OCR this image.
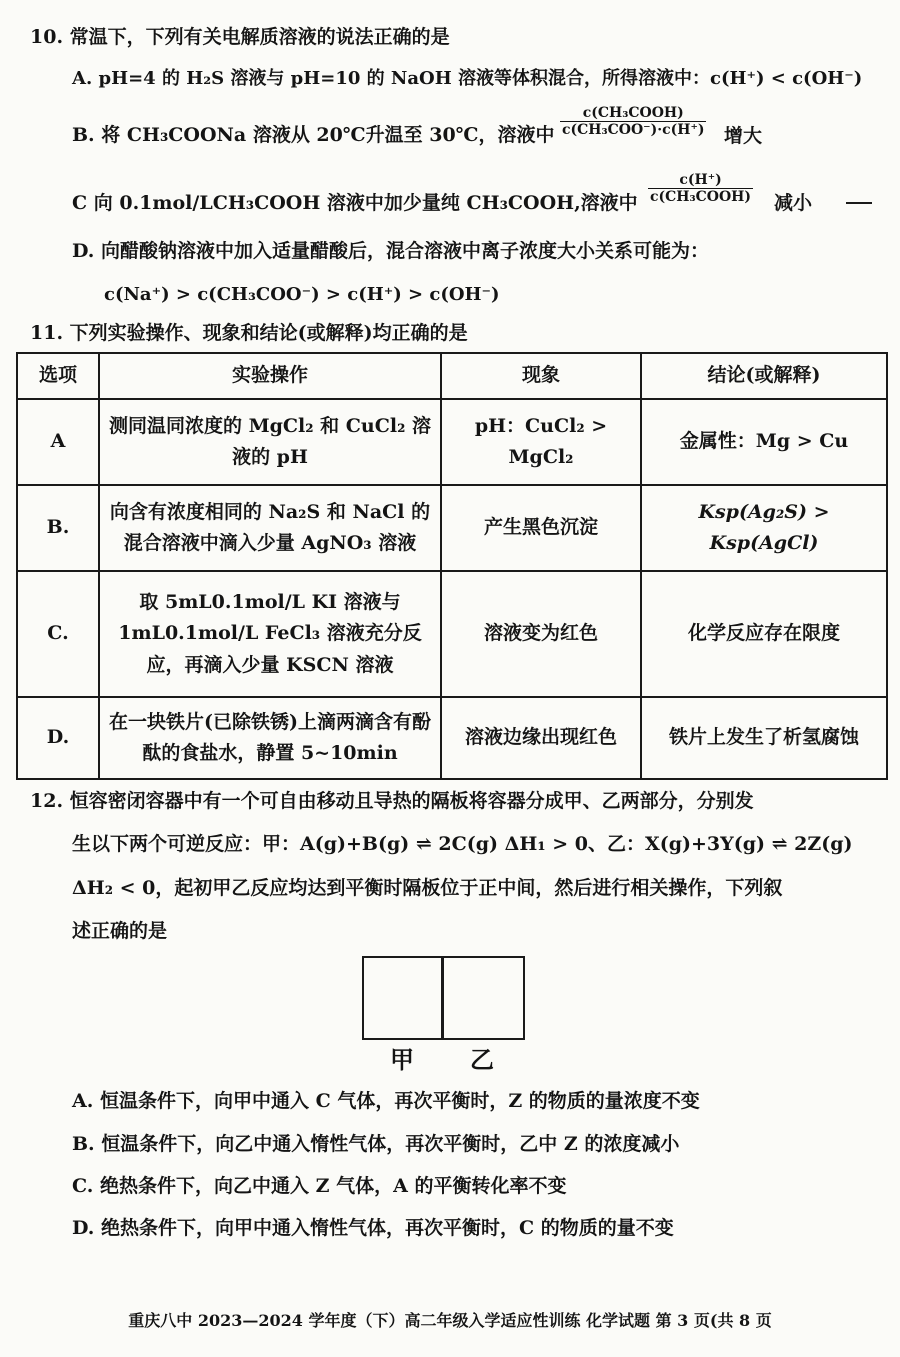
10. 常温下，下列有关电解质溶液的说法正确的是
A. pH=4 的 H₂S 溶液与 pH=10 的 NaOH 溶液等体积混合，所得溶液中：c(H⁺) < c(OH⁻)
B. 将 CH₃COONa 溶液从 20℃升温至 30℃，溶液中
c(CH₃COOH)
c(CH₃COO⁻)·c(H⁺) 增大
C 向 0.1mol/LCH₃COOH 溶液中加少量纯 CH₃COOH,溶液中
c(H⁺)
c(CH₃COOH) 减小
D. 向醋酸钠溶液中加入适量醋酸后，混合溶液中离子浓度大小关系可能为：
c(Na⁺) > c(CH₃COO⁻) > c(H⁺) > c(OH⁻)
11. 下列实验操作、现象和结论(或解释)均正确的是
选项	实验操作	现象	结论(或解释)
A	测同温同浓度的 MgCl₂ 和 CuCl₂ 溶液的 pH	pH：CuCl₂ > MgCl₂	金属性：Mg > Cu
B.	向含有浓度相同的 Na₂S 和 NaCl 的混合溶液中滴入少量 AgNO₃ 溶液	产生黑色沉淀	Ksp(Ag₂S) > Ksp(AgCl)
C.	取 5mL0.1mol/L KI 溶液与 1mL0.1mol/L FeCl₃ 溶液充分反应，再滴入少量 KSCN 溶液	溶液变为红色	化学反应存在限度
D.	在一块铁片(已除铁锈)上滴两滴含有酚酞的食盐水，静置 5~10min	溶液边缘出现红色	铁片上发生了析氢腐蚀
12. 恒容密闭容器中有一个可自由移动且导热的隔板将容器分成甲、乙两部分，分别发
生以下两个可逆反应：甲：A(g)+B(g) ⇌ 2C(g) ΔH₁ > 0、乙：X(g)+3Y(g) ⇌ 2Z(g)
ΔH₂ < 0，起初甲乙反应均达到平衡时隔板位于正中间，然后进行相关操作，下列叙
述正确的是
甲 乙
A. 恒温条件下，向甲中通入 C 气体，再次平衡时，Z 的物质的量浓度不变
B. 恒温条件下，向乙中通入惰性气体，再次平衡时，乙中 Z 的浓度减小
C. 绝热条件下，向乙中通入 Z 气体，A 的平衡转化率不变
D. 绝热条件下，向甲中通入惰性气体，再次平衡时，C 的物质的量不变
重庆八中 2023—2024 学年度（下）高二年级入学适应性训练 化学试题 第 3 页(共 8 页
